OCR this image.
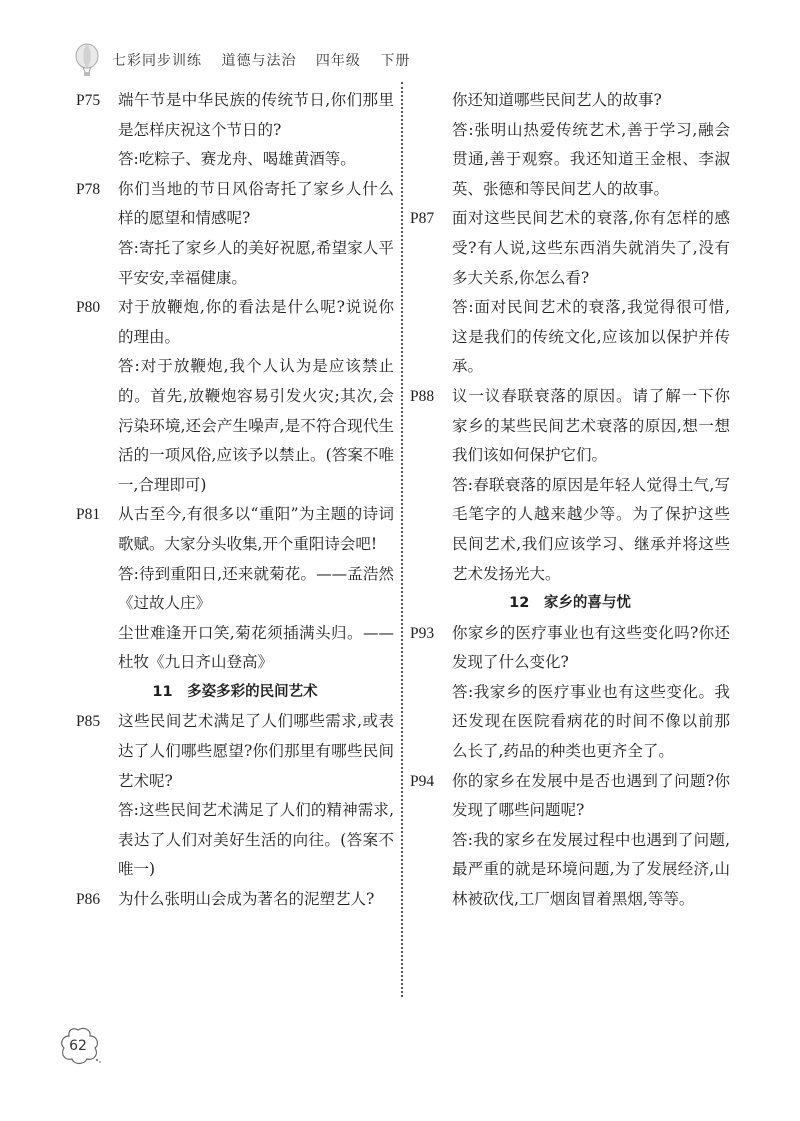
七彩同步训练 道德与法治 四年级 下册
P75	端午节是中华民族的传统节日,你们那里是怎样庆祝这个节日的?
答:吃粽子、赛龙舟、喝雄黄酒等。
P78	你们当地的节日风俗寄托了家乡人什么样的愿望和情感呢?
答:寄托了家乡人的美好祝愿,希望家人平平安安,幸福健康。
P80	对于放鞭炮,你的看法是什么呢?说说你的理由。
答:对于放鞭炮,我个人认为是应该禁止的。首先,放鞭炮容易引发火灾;其次,会污染环境,还会产生噪声,是不符合现代生活的一项风俗,应该予以禁止。(答案不唯一,合理即可)
P81	从古至今,有很多以“重阳”为主题的诗词歌赋。大家分头收集,开个重阳诗会吧!
答:待到重阳日,还来就菊花。——孟浩然《过故人庄》
尘世难逢开口笑,菊花须插满头归。——杜牧《九日齐山登高》
11　多姿多彩的民间艺术
P85	这些民间艺术满足了人们哪些需求,或表达了人们哪些愿望?你们那里有哪些民间艺术呢?
答:这些民间艺术满足了人们的精神需求,表达了人们对美好生活的向往。(答案不唯一)
P86	为什么张明山会成为著名的泥塑艺人?
你还知道哪些民间艺人的故事?
答:张明山热爱传统艺术,善于学习,融会贯通,善于观察。我还知道王金根、李淑英、张德和等民间艺人的故事。
P87	面对这些民间艺术的衰落,你有怎样的感受?有人说,这些东西消失就消失了,没有多大关系,你怎么看?
答:面对民间艺术的衰落,我觉得很可惜,这是我们的传统文化,应该加以保护并传承。
P88	议一议春联衰落的原因。请了解一下你家乡的某些民间艺术衰落的原因,想一想我们该如何保护它们。
答:春联衰落的原因是年轻人觉得土气,写毛笔字的人越来越少等。为了保护这些民间艺术,我们应该学习、继承并将这些艺术发扬光大。
12　家乡的喜与忧
P93	你家乡的医疗事业也有这些变化吗?你还发现了什么变化?
答:我家乡的医疗事业也有这些变化。我还发现在医院看病花的时间不像以前那么长了,药品的种类也更齐全了。
P94	你的家乡在发展中是否也遇到了问题?你发现了哪些问题呢?
答:我的家乡在发展过程中也遇到了问题,最严重的就是环境问题,为了发展经济,山林被砍伐,工厂烟囱冒着黑烟,等等。
62
